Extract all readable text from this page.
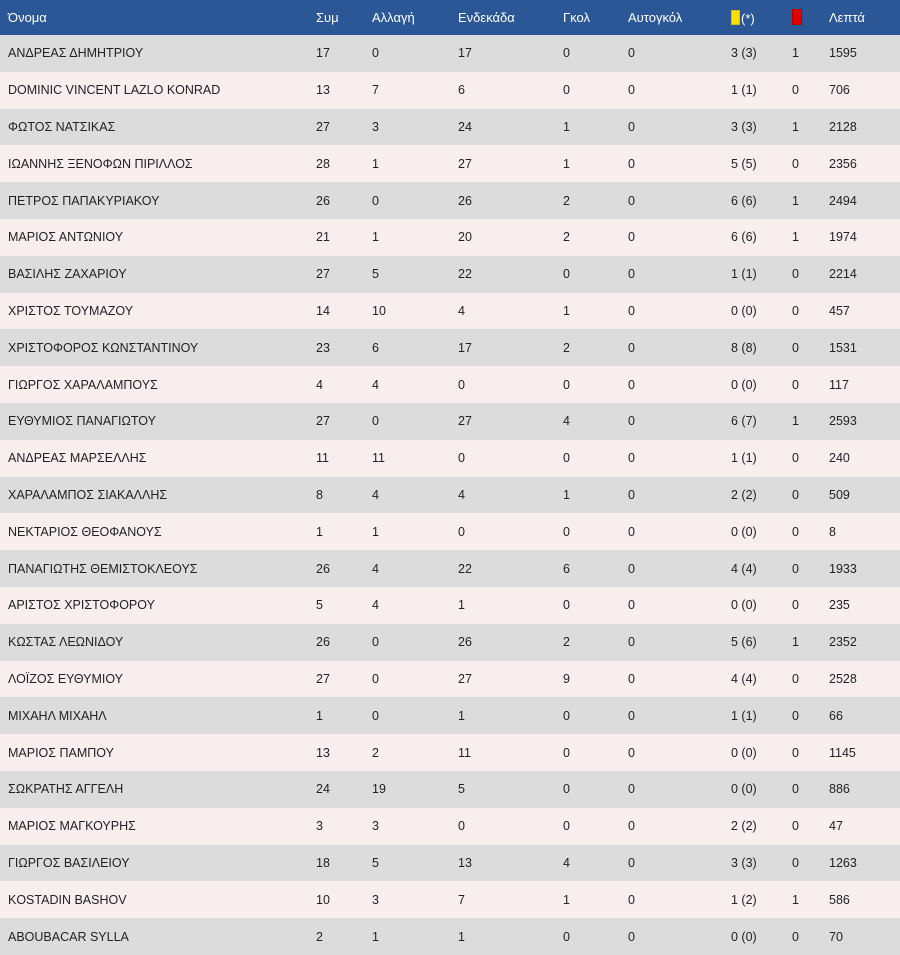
Όνομα	Συμ	Αλλαγή	Ενδεκάδα	Γκολ	Αυτογκόλ	(*)		Λεπτά
ΑΝΔΡΕΑΣ ΔΗΜΗΤΡΙΟΥ	17	0	17	0	0	3 (3)	1	1595
DOMINIC VINCENT LAZLO KONRAD	13	7	6	0	0	1 (1)	0	706
ΦΩΤΟΣ ΝΑΤΣΙΚΑΣ	27	3	24	1	0	3 (3)	1	2128
ΙΩΑΝΝΗΣ ΞΕΝΟΦΩΝ ΠΙΡΙΛΛΟΣ	28	1	27	1	0	5 (5)	0	2356
ΠΕΤΡΟΣ ΠΑΠΑΚΥΡΙΑΚΟΥ	26	0	26	2	0	6 (6)	1	2494
ΜΑΡΙΟΣ ΑΝΤΩΝΙΟΥ	21	1	20	2	0	6 (6)	1	1974
ΒΑΣΙΛΗΣ ΖΑΧΑΡΙΟΥ	27	5	22	0	0	1 (1)	0	2214
ΧΡΙΣΤΟΣ ΤΟΥΜΑΖΟΥ	14	10	4	1	0	0 (0)	0	457
ΧΡΙΣΤΟΦΟΡΟΣ ΚΩΝΣΤΑΝΤΙΝΟΥ	23	6	17	2	0	8 (8)	0	1531
ΓΙΩΡΓΟΣ ΧΑΡΑΛΑΜΠΟΥΣ	4	4	0	0	0	0 (0)	0	117
ΕΥΘΥΜΙΟΣ ΠΑΝΑΓΙΩΤΟΥ	27	0	27	4	0	6 (7)	1	2593
ΑΝΔΡΕΑΣ ΜΑΡΣΕΛΛΗΣ	11	11	0	0	0	1 (1)	0	240
ΧΑΡΑΛΑΜΠΟΣ ΣΙΑΚΑΛΛΗΣ	8	4	4	1	0	2 (2)	0	509
ΝΕΚΤΑΡΙΟΣ ΘΕΟΦΑΝΟΥΣ	1	1	0	0	0	0 (0)	0	8
ΠΑΝΑΓΙΩΤΗΣ ΘΕΜΙΣΤΟΚΛΕΟΥΣ	26	4	22	6	0	4 (4)	0	1933
ΑΡΙΣΤΟΣ ΧΡΙΣΤΟΦΟΡΟΥ	5	4	1	0	0	0 (0)	0	235
ΚΩΣΤΑΣ ΛΕΩΝΙΔΟΥ	26	0	26	2	0	5 (6)	1	2352
ΛΟΪΖΟΣ ΕΥΘΥΜΙΟΥ	27	0	27	9	0	4 (4)	0	2528
ΜΙΧΑΗΛ ΜΙΧΑΗΛ	1	0	1	0	0	1 (1)	0	66
ΜΑΡΙΟΣ ΠΑΜΠΟΥ	13	2	11	0	0	0 (0)	0	1145
ΣΩΚΡΑΤΗΣ ΑΓΓΕΛΗ	24	19	5	0	0	0 (0)	0	886
ΜΑΡΙΟΣ ΜΑΓΚΟΥΡΗΣ	3	3	0	0	0	2 (2)	0	47
ΓΙΩΡΓΟΣ ΒΑΣΙΛΕΙΟΥ	18	5	13	4	0	3 (3)	0	1263
KOSTADIN BASHOV	10	3	7	1	0	1 (2)	1	586
ABOUBACAR SYLLA	2	1	1	0	0	0 (0)	0	70
